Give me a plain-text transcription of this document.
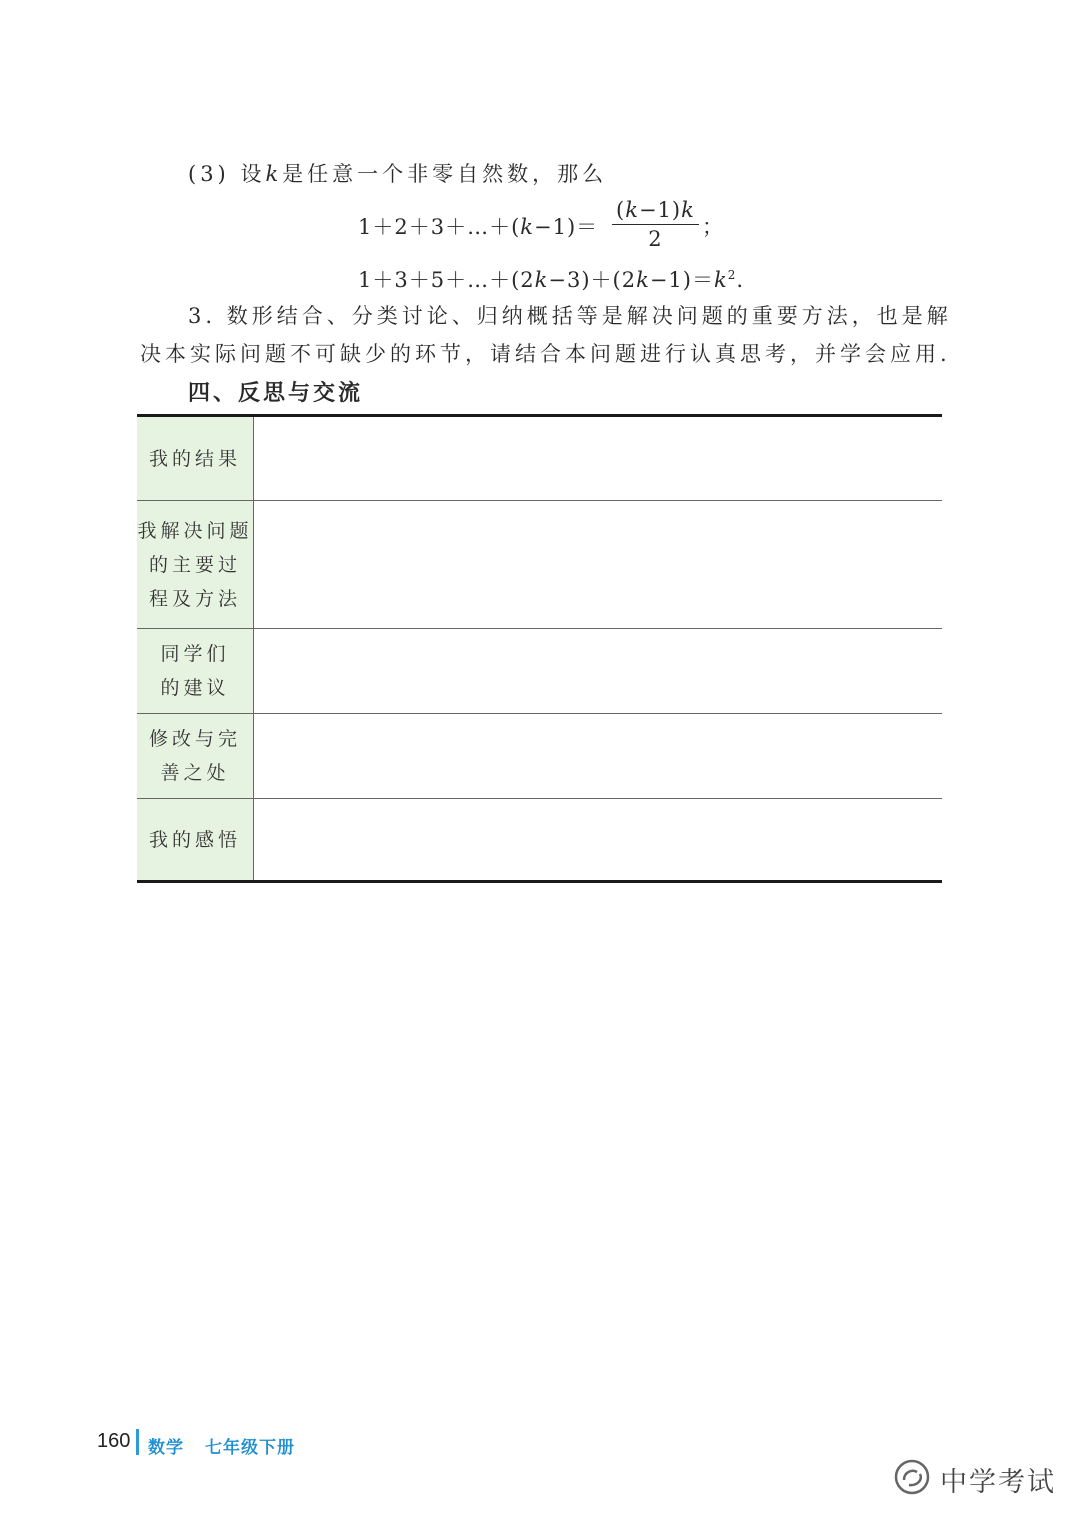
(3) 设k是任意一个非零自然数，那么
1＋2＋3＋…＋(k−1)＝ $\frac{(k-1)k}{2}$ ；
$1+3+5+\dots+(2k-3)+(2k-1)=k^2$.
3. 数形结合、分类讨论、归纳概括等是解决问题的重要方法，也是解
决本实际问题不可缺少的环节，请结合本问题进行认真思考，并学会应用.
四、反思与交流
我的结果	

我解决问题
的主要过
程及方法	

同学们
的建议	

修改与完
善之处	

我的感悟	

160 数学 七年级下册
中学考试
